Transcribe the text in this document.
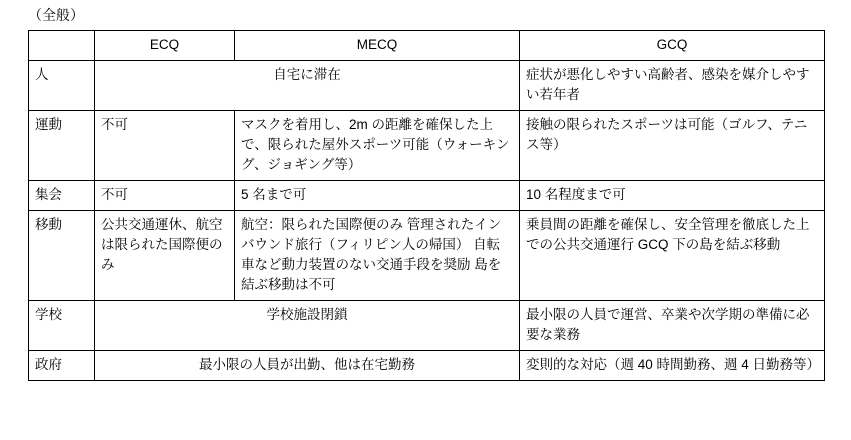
（全般）
	ECQ	MECQ	GCQ
人	自宅に滞在		症状が悪化しやすい高齢者、感染を媒介しやすい若年者
運動	不可	マスクを着用し、2m の距離を確保した上で、限られた屋外スポーツ可能（ウォーキング、ジョギング等）	接触の限られたスポーツは可能（ゴルフ、テニス等）
集会	不可	5 名まで可	10 名程度まで可
移動	公共交通運休、航空は限られた国際便のみ	航空：限られた国際便のみ 管理されたインバウンド旅行（フィリピン人の帰国） 自転車など動力装置のない交通手段を奨励 島を結ぶ移動は不可	乗員間の距離を確保し、安全管理を徹底した上での公共交通運行 GCQ 下の島を結ぶ移動
学校	学校施設閉鎖		最小限の人員で運営、卒業や次学期の準備に必要な業務
政府	最小限の人員が出勤、他は在宅勤務		変則的な対応（週 40 時間勤務、週 4 日勤務等）
